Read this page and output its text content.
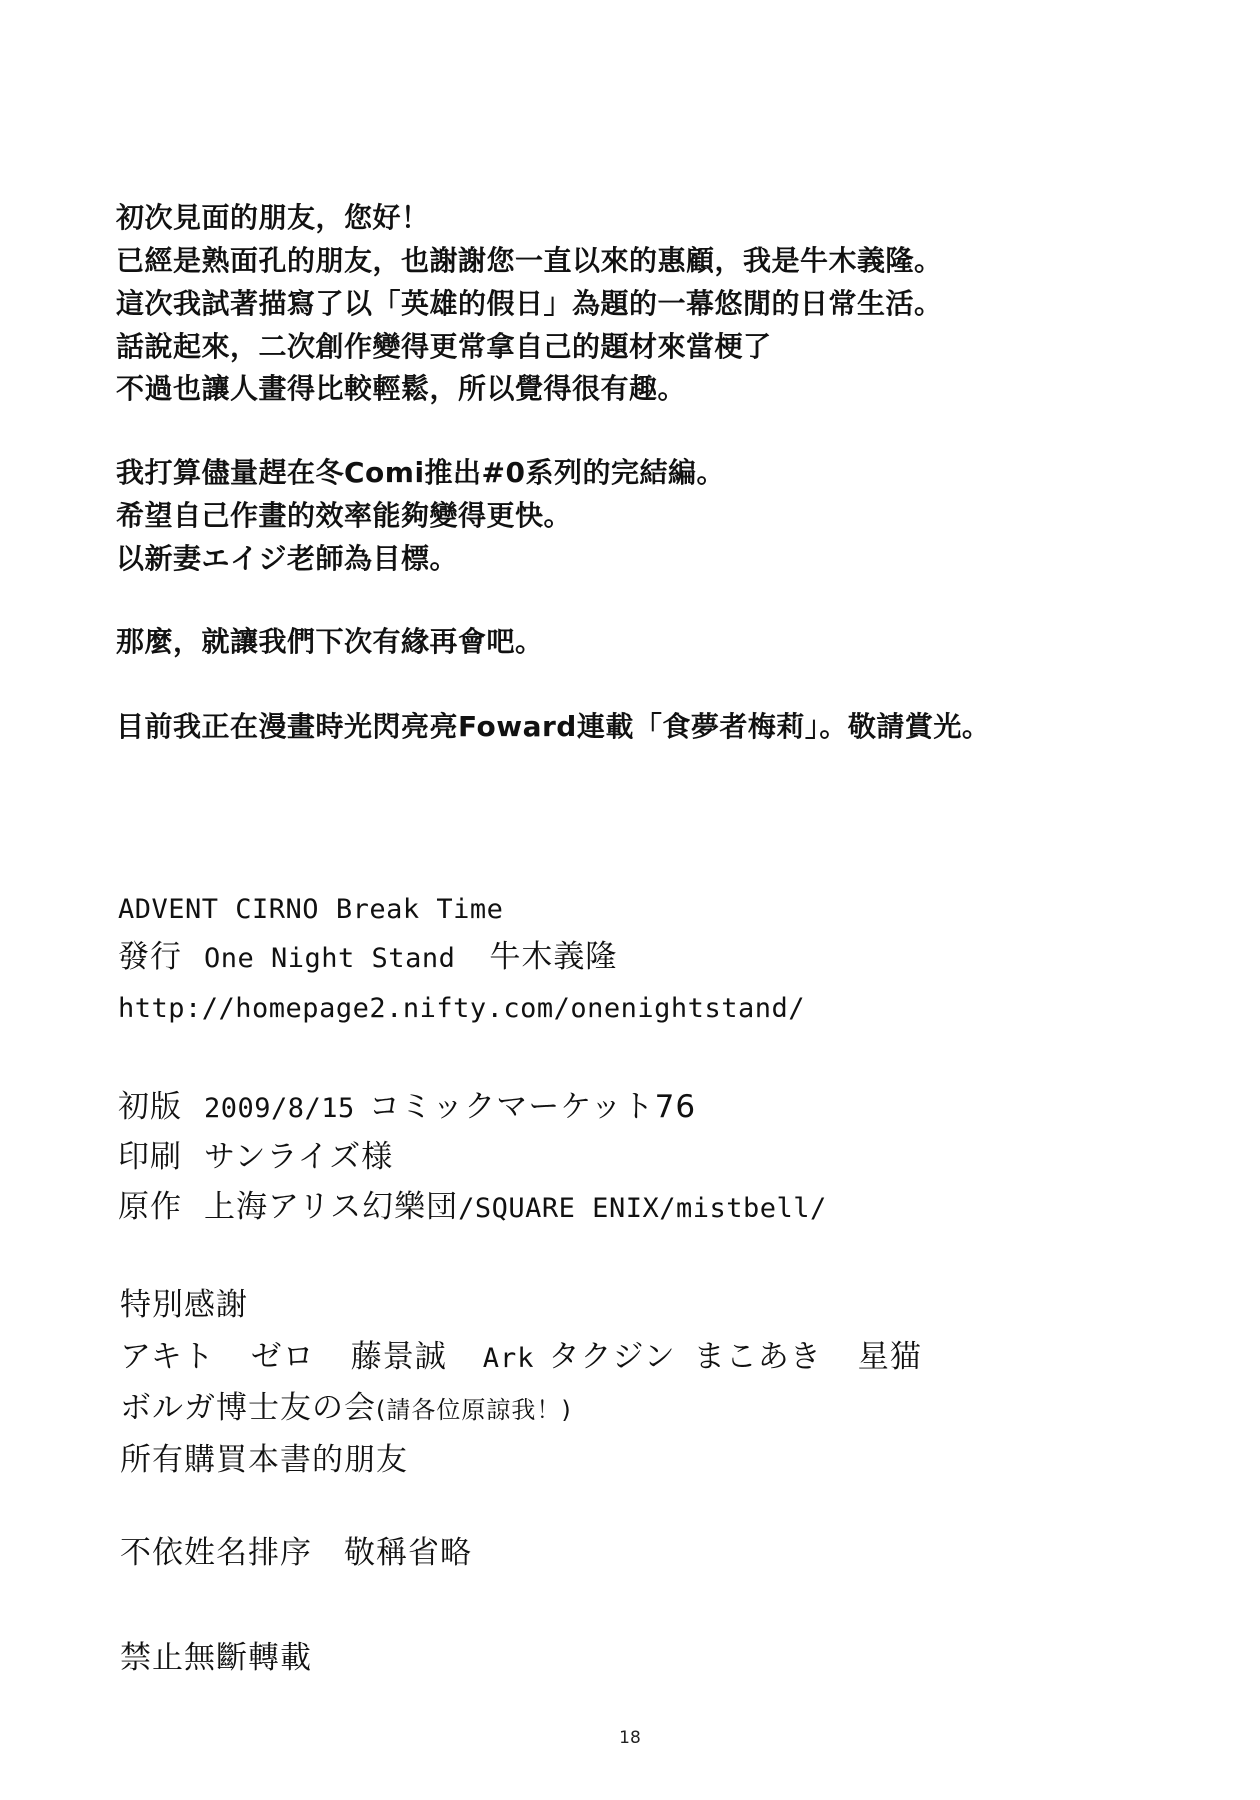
初次見面的朋友，您好！
已經是熟面孔的朋友，也謝謝您一直以來的惠顧，我是牛木義隆。
這次我試著描寫了以「英雄的假日」為題的一幕悠閒的日常生活。
話說起來，二次創作變得更常拿自己的題材來當梗了
不過也讓人畫得比較輕鬆，所以覺得很有趣。
我打算儘量趕在冬Comi推出#0系列的完結編。
希望自己作畫的效率能夠變得更快。
以新妻エイジ老師為目標。
那麼，就讓我們下次有緣再會吧。
目前我正在漫畫時光閃亮亮Foward連載「食夢者梅莉」。敬請賞光。
ADVENT CIRNO Break Time
發行 One Night Stand 牛木義隆
http://homepage2.nifty.com/onenightstand/
初版 2009/8/15 コミックマーケット76
印刷 サンライズ様
原作 上海アリス幻樂団/SQUARE ENIX/mistbell/
特別感謝
アキト ゼロ 藤景誠 Ark タクジン まこあき 星猫
ボルガ博士友の会(請各位原諒我！)
所有購買本書的朋友
不依姓名排序　敬稱省略
禁止無斷轉載
18
